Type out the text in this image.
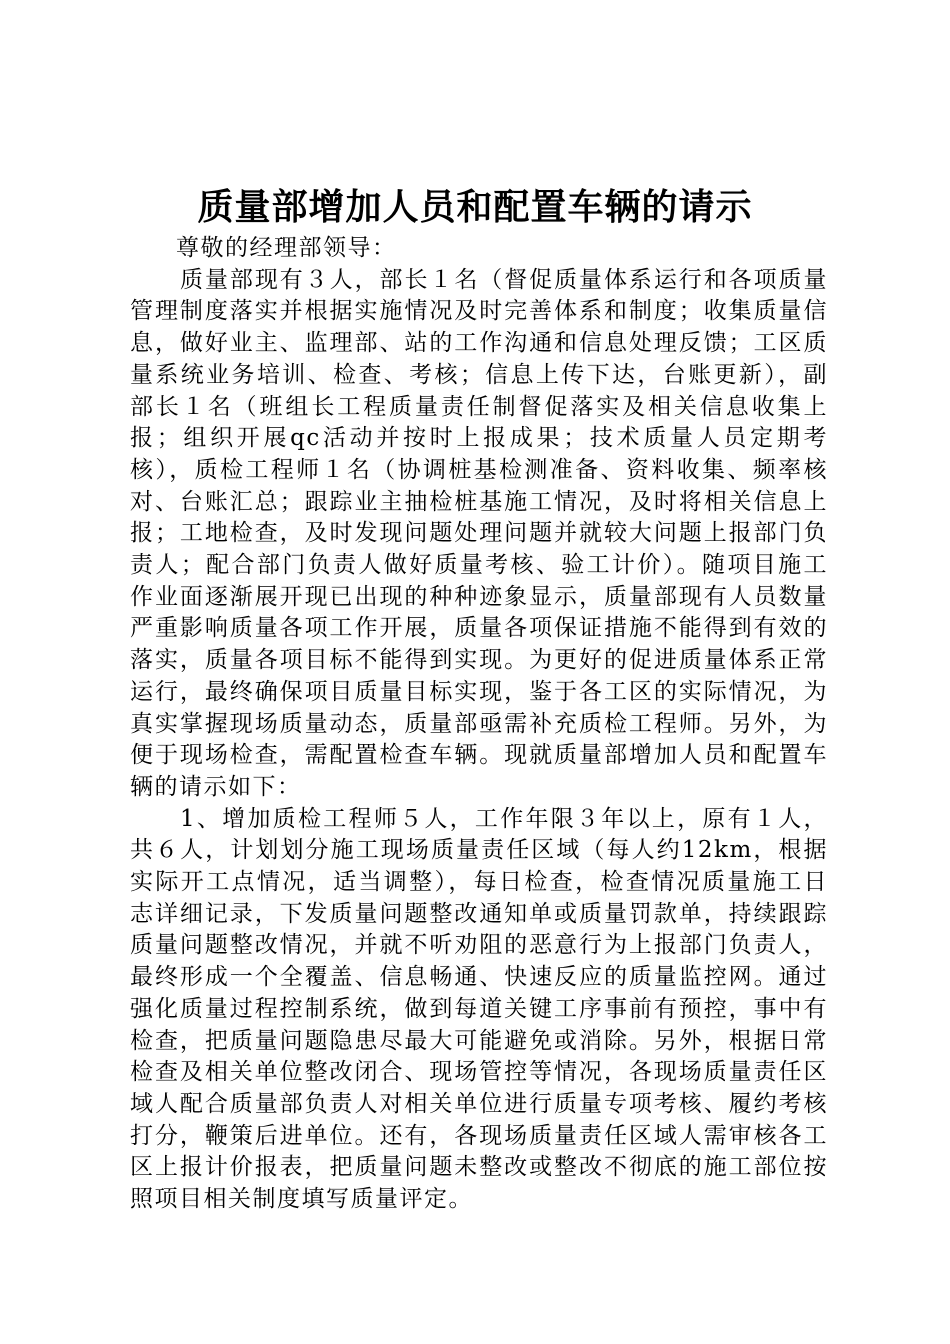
质量部增加人员和配置车辆的请示

尊敬的经理部领导：

质量部现有３人，部长１名（督促质量体系运行和各项质量管理制度落实并根据实施情况及时完善体系和制度；收集质量信息，做好业主、监理部、站的工作沟通和信息处理反馈；工区质量系统业务培训、检查、考核；信息上传下达，台账更新），副部长１名（班组长工程质量责任制督促落实及相关信息收集上报；组织开展qc活动并按时上报成果；技术质量人员定期考核），质检工程师１名（协调桩基检测准备、资料收集、频率核对、台账汇总；跟踪业主抽检桩基施工情况，及时将相关信息上报；工地检查，及时发现问题处理问题并就较大问题上报部门负责人；配合部门负责人做好质量考核、验工计价）。随项目施工作业面逐渐展开现已出现的种种迹象显示，质量部现有人员数量严重影响质量各项工作开展，质量各项保证措施不能得到有效的落实，质量各项目标不能得到实现。为更好的促进质量体系正常运行，最终确保项目质量目标实现，鉴于各工区的实际情况，为真实掌握现场质量动态，质量部亟需补充质检工程师。另外，为便于现场检查，需配置检查车辆。现就质量部增加人员和配置车辆的请示如下：

1、增加质检工程师５人，工作年限３年以上，原有１人，共６人，计划划分施工现场质量责任区域（每人约12km，根据实际开工点情况，适当调整），每日检查，检查情况质量施工日志详细记录，下发质量问题整改通知单或质量罚款单，持续跟踪质量问题整改情况，并就不听劝阻的恶意行为上报部门负责人，最终形成一个全覆盖、信息畅通、快速反应的质量监控网。通过强化质量过程控制系统，做到每道关键工序事前有预控，事中有检查，把质量问题隐患尽最大可能避免或消除。另外，根据日常检查及相关单位整改闭合、现场管控等情况，各现场质量责任区域人配合质量部负责人对相关单位进行质量专项考核、履约考核打分，鞭策后进单位。还有，各现场质量责任区域人需审核各工区上报计价报表，把质量问题未整改或整改不彻底的施工部位按照项目相关制度填写质量评定。
